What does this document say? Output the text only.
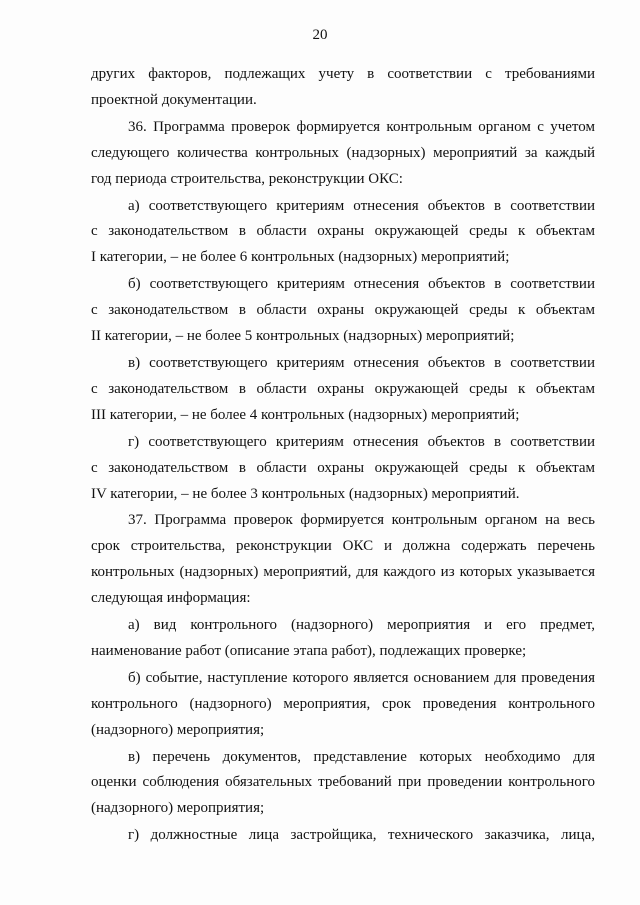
20

других факторов, подлежащих учету в соответствии с требованиями

проектной документации.

36. Программа проверок формируется контрольным органом с учетом

следующего количества контрольных (надзорных) мероприятий за каждый

год периода строительства, реконструкции ОКС:

а) соответствующего критериям отнесения объектов в соответствии

с законодательством в области охраны окружающей среды к объектам

I категории, – не более 6 контрольных (надзорных) мероприятий;

б) соответствующего критериям отнесения объектов в соответствии

с законодательством в области охраны окружающей среды к объектам

II категории, – не более 5 контрольных (надзорных) мероприятий;

в) соответствующего критериям отнесения объектов в соответствии

с законодательством в области охраны окружающей среды к объектам

III категории, – не более 4 контрольных (надзорных) мероприятий;

г) соответствующего критериям отнесения объектов в соответствии

с законодательством в области охраны окружающей среды к объектам

IV категории, – не более 3 контрольных (надзорных) мероприятий.

37. Программа проверок формируется контрольным органом на весь

срок строительства, реконструкции ОКС и должна содержать перечень

контрольных (надзорных) мероприятий, для каждого из которых указывается

следующая информация:

а) вид контрольного (надзорного) мероприятия и его предмет,

наименование работ (описание этапа работ), подлежащих проверке;

б) событие, наступление которого является основанием для проведения

контрольного (надзорного) мероприятия, срок проведения контрольного

(надзорного) мероприятия;

в) перечень документов, представление которых необходимо для

оценки соблюдения обязательных требований при проведении контрольного

(надзорного) мероприятия;

г) должностные лица застройщика, технического заказчика, лица,
